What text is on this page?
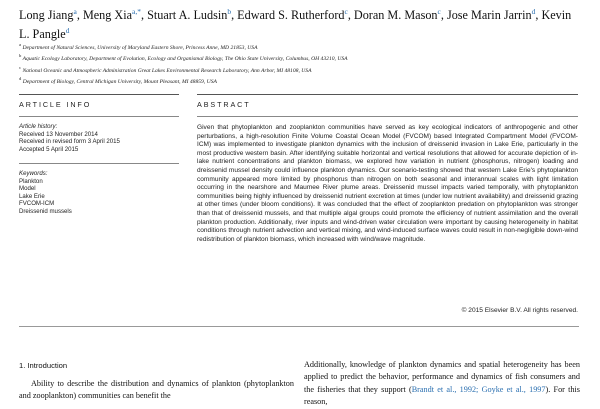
Long Jiang$^a$, Meng Xia$^{a,*}$, Stuart A. Ludsin$^b$, Edward S. Rutherford$^c$, Doran M. Mason$^c$, Jose Marin Jarrin$^d$, Kevin L. Pangle$^d$
$^a$ Department of Natural Sciences, University of Maryland Eastern Shore, Princess Anne, MD 21853, USA
$^b$ Aquatic Ecology Laboratory, Department of Evolution, Ecology and Organismal Biology, The Ohio State University, Columbus, OH 43210, USA
$^c$ National Oceanic and Atmospheric Administration Great Lakes Environmental Research Laboratory, Ann Arbor, MI 48108, USA
$^d$ Department of Biology, Central Michigan University, Mount Pleasant, MI 48859, USA
ARTICLE INFO	ABSTRACT
Article history:
Received 13 November 2014
Received in revised form 3 April 2015
Accepted 5 April 2015
Keywords:
Plankton
Model
Lake Erie
FVCOM-ICM
Dreissenid mussels

Given that phytoplankton and zooplankton communities have served as key ecological indicators of anthropogenic and other perturbations, a high-resolution Finite Volume Coastal Ocean Model (FVCOM) based Integrated Compartment Model (FVCOM-ICM) was implemented to investigate plankton dynamics with the inclusion of dreissenid invasion in Lake Erie, particularly in the most productive western basin. After identifying suitable horizontal and vertical resolutions that allowed for accurate depiction of in-lake nutrient concentrations and plankton biomass, we explored how variation in nutrient (phosphorus, nitrogen) loading and dreissenid mussel density could influence plankton dynamics. Our scenario-testing showed that western Lake Erie's phytoplankton community appeared more limited by phosphorus than nitrogen on both seasonal and interannual scales with light limitation occurring in the nearshore and Maumee River plume areas. Dreissenid mussel impacts varied temporally, with phytoplankton communities being highly influenced by dreissenid nutrient excretion at times (under low nutrient availability) and dreissenid grazing at other times (under bloom conditions). It was concluded that the effect of zooplankton predation on phytoplankton was stronger than that of dreissenid mussels, and that multiple algal groups could promote the efficiency of nutrient assimilation and the overall plankton production. Additionally, river inputs and wind-driven water circulation were important by causing heterogeneity in habitat conditions through nutrient advection and vertical mixing, and wind-induced surface waves could result in non-negligible down-wind redistribution of plankton biomass, which increased with wind/wave magnitude.

© 2015 Elsevier B.V. All rights reserved.
1. Introduction

Ability to describe the distribution and dynamics of plankton (phytoplankton and zooplankton) communities can benefit the

Additionally, knowledge of plankton dynamics and spatial heterogeneity has been applied to predict the behavior, performance and dynamics of fish consumers and the fisheries that they support (Brandt et al., 1992; Goyke et al., 1997). For this reason,
